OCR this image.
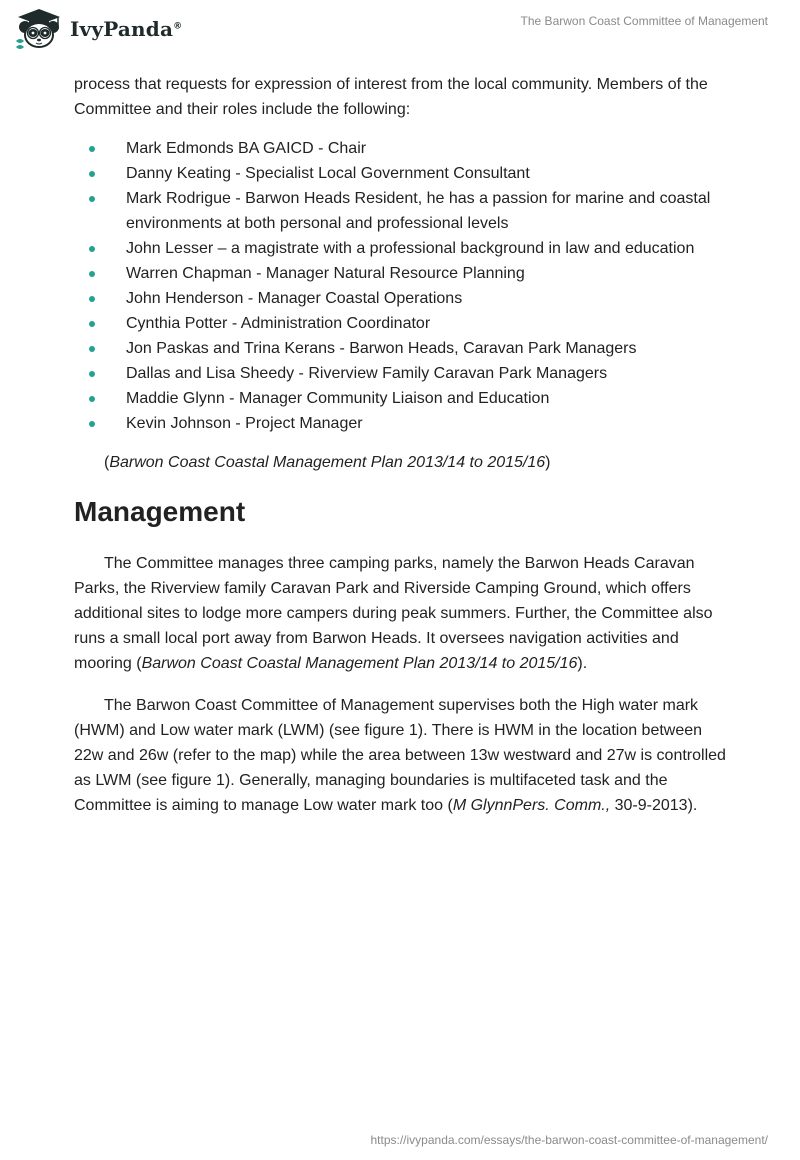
IvyPanda®	The Barwon Coast Committee of Management

process that requests for expression of interest from the local community. Members of the Committee and their roles include the following:

Mark Edmonds BA GAICD - Chair
Danny Keating - Specialist Local Government Consultant
Mark Rodrigue - Barwon Heads Resident, he has a passion for marine and coastal environments at both personal and professional levels
John Lesser – a magistrate with a professional background in law and education
Warren Chapman - Manager Natural Resource Planning
John Henderson - Manager Coastal Operations
Cynthia Potter - Administration Coordinator
Jon Paskas and Trina Kerans - Barwon Heads, Caravan Park Managers
Dallas and Lisa Sheedy - Riverview Family Caravan Park Managers
Maddie Glynn - Manager Community Liaison and Education
Kevin Johnson - Project Manager

(Barwon Coast Coastal Management Plan 2013/14 to 2015/16)

Management

The Committee manages three camping parks, namely the Barwon Heads Caravan Parks, the Riverview family Caravan Park and Riverside Camping Ground, which offers additional sites to lodge more campers during peak summers. Further, the Committee also runs a small local port away from Barwon Heads. It oversees navigation activities and mooring (Barwon Coast Coastal Management Plan 2013/14 to 2015/16).

The Barwon Coast Committee of Management supervises both the High water mark (HWM) and Low water mark (LWM) (see figure 1). There is HWM in the location between 22w and 26w (refer to the map) while the area between 13w westward and 27w is controlled as LWM (see figure 1). Generally, managing boundaries is multifaceted task and the Committee is aiming to manage Low water mark too (M GlynnPers. Comm., 30-9-2013).

https://ivypanda.com/essays/the-barwon-coast-committee-of-management/
